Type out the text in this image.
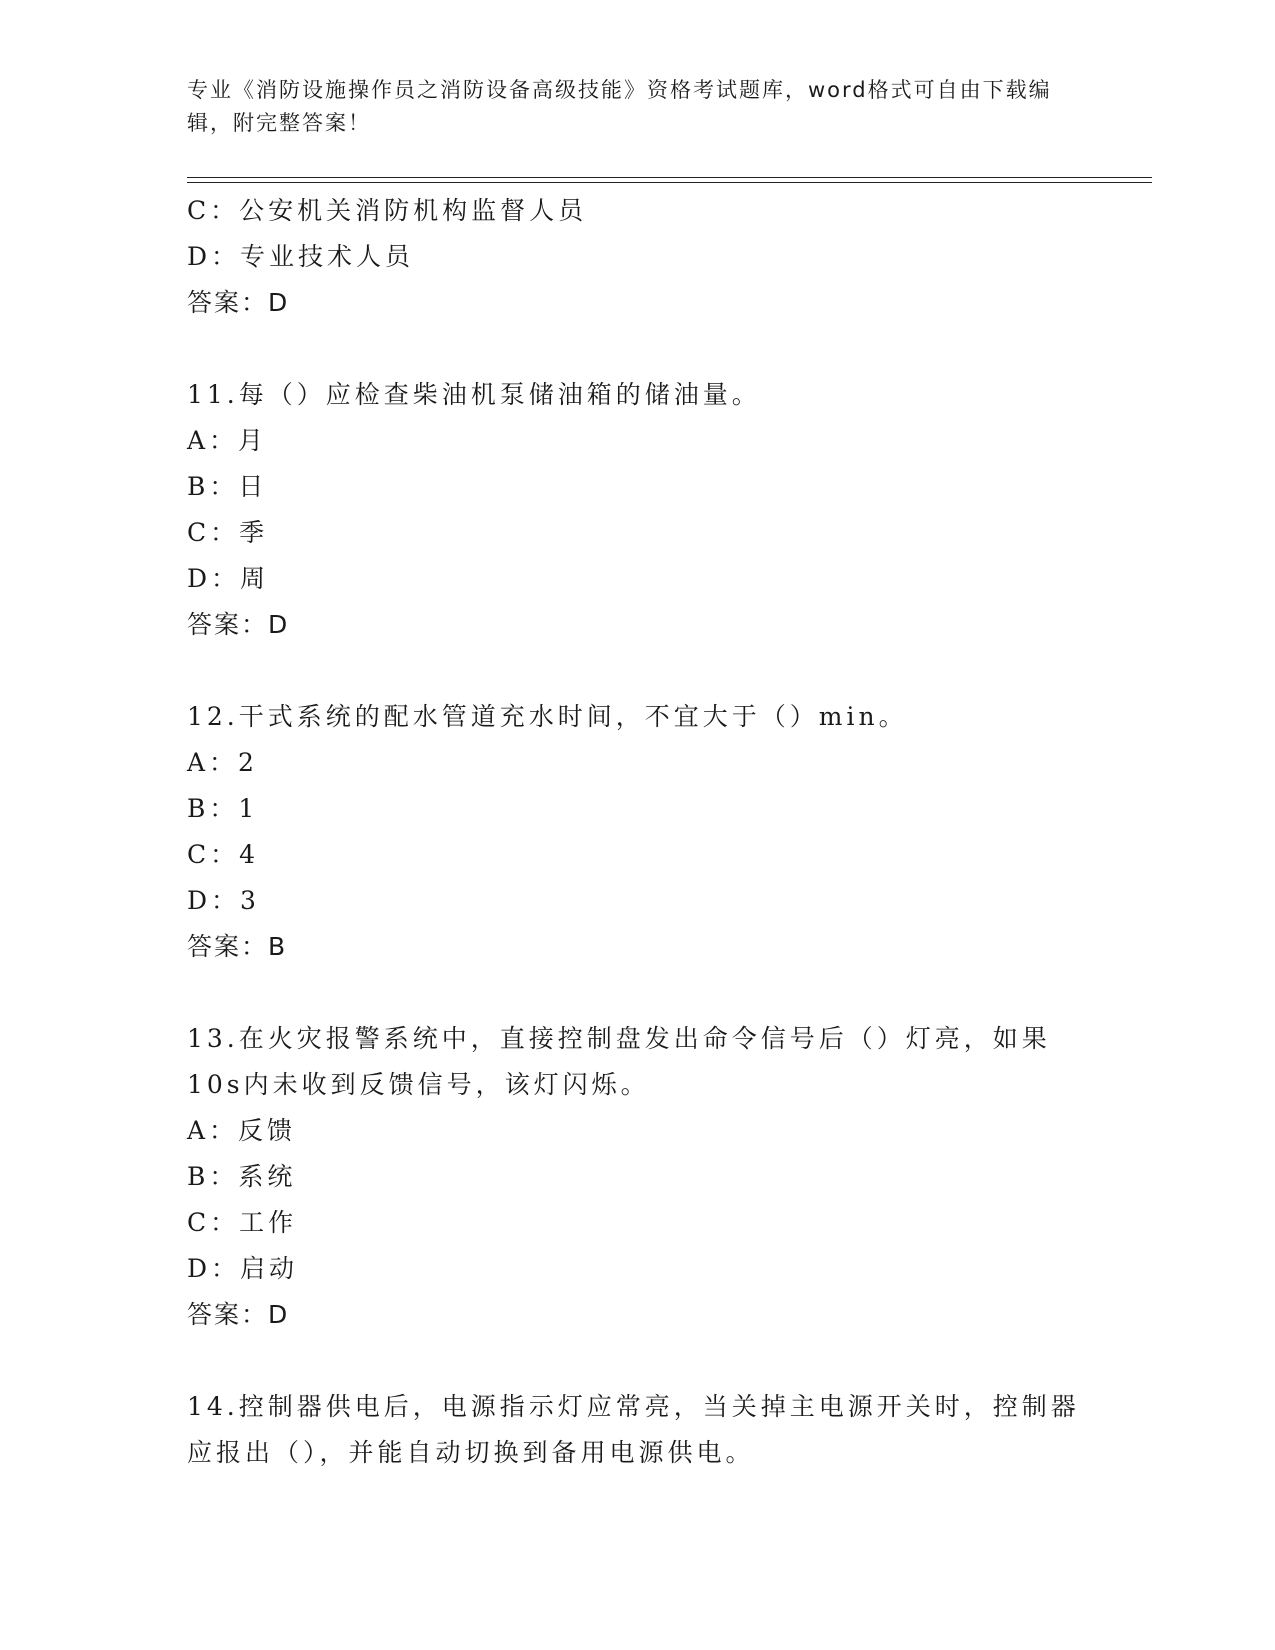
专业《消防设施操作员之消防设备高级技能》资格考试题库，word格式可自由下载编辑，附完整答案！
C：公安机关消防机构监督人员
D：专业技术人员
答案：D
11.每（）应检查柴油机泵储油箱的储油量。
A：月
B：日
C：季
D：周
答案：D
12.干式系统的配水管道充水时间，不宜大于（）min。
A：2
B：1
C：4
D：3
答案：B
13.在火灾报警系统中，直接控制盘发出命令信号后（）灯亮，如果10s内未收到反馈信号，该灯闪烁。
A：反馈
B：系统
C：工作
D：启动
答案：D
14.控制器供电后，电源指示灯应常亮，当关掉主电源开关时，控制器应报出（），并能自动切换到备用电源供电。
